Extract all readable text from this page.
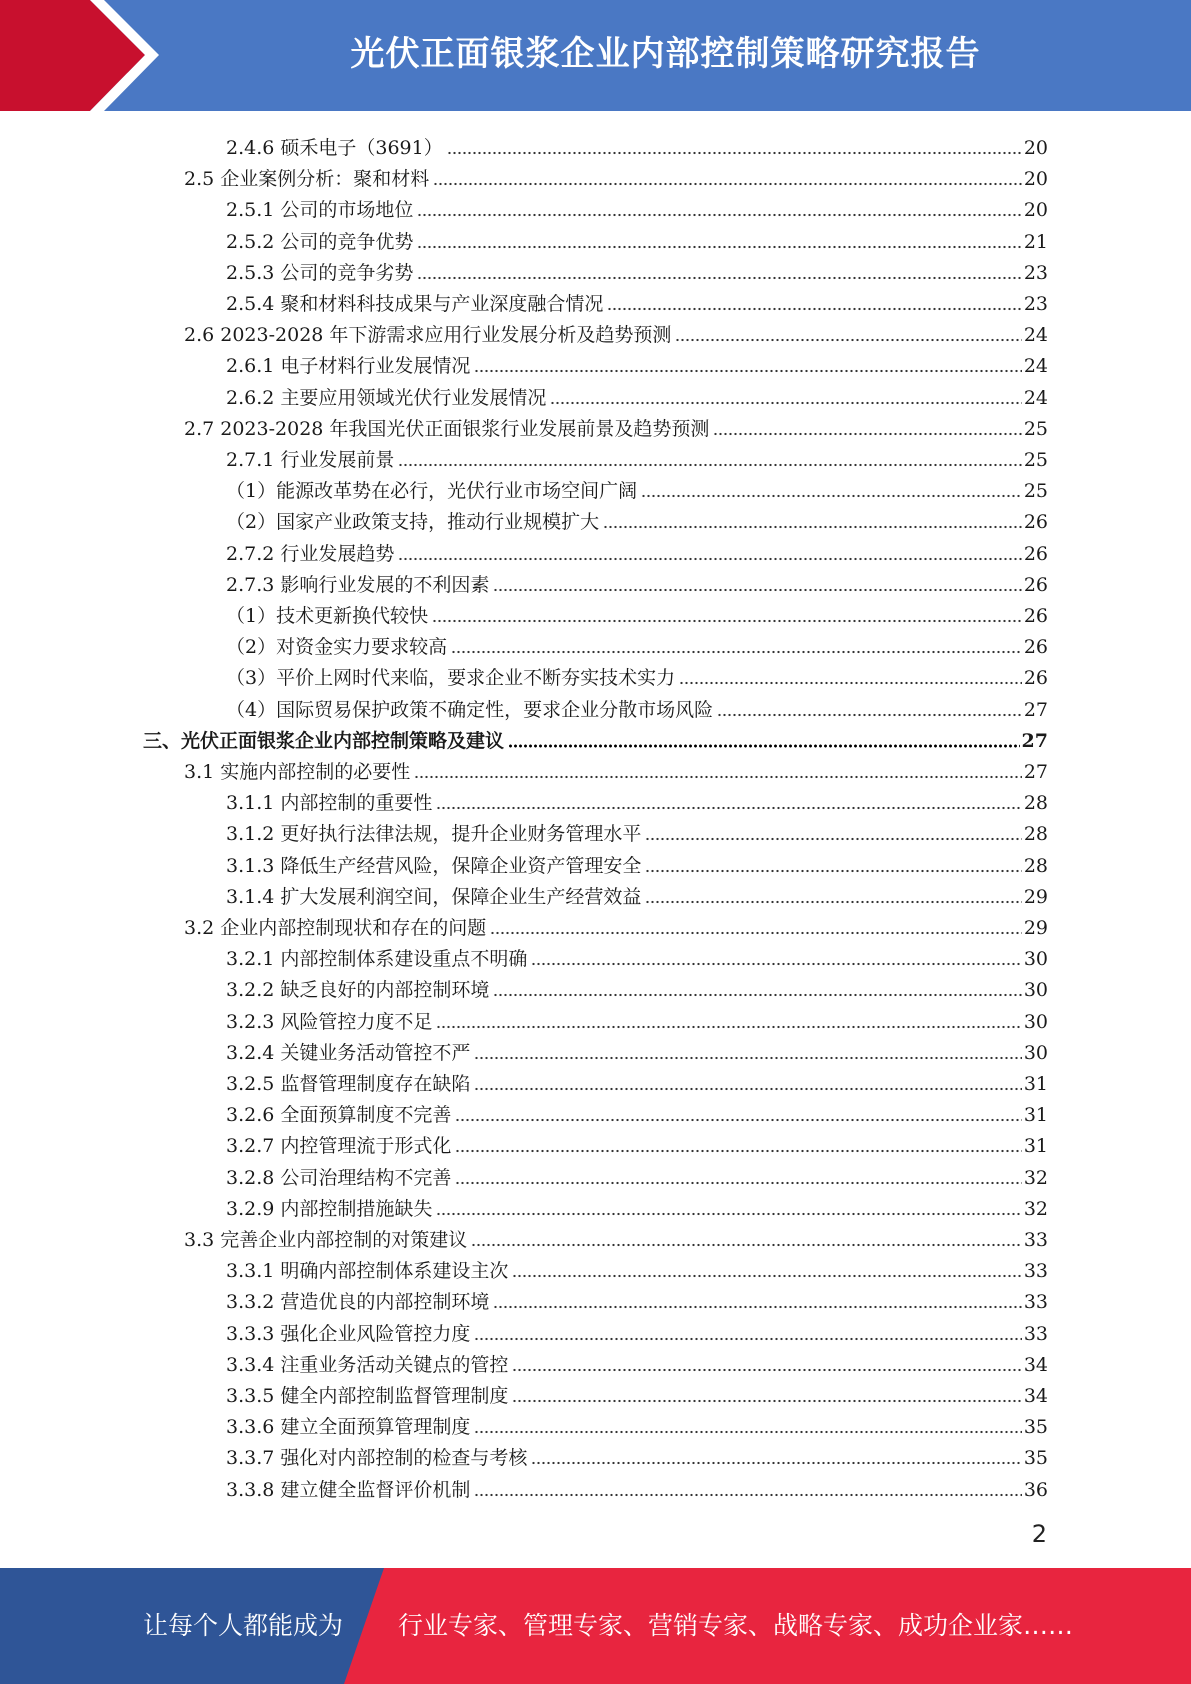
光伏正面银浆企业内部控制策略研究报告
2.4.6 硕禾电子（3691）	20
2.5 企业案例分析：聚和材料	20
2.5.1 公司的市场地位	20
2.5.2 公司的竞争优势	21
2.5.3 公司的竞争劣势	23
2.5.4 聚和材料科技成果与产业深度融合情况	23
2.6 2023-2028 年下游需求应用行业发展分析及趋势预测	24
2.6.1 电子材料行业发展情况	24
2.6.2 主要应用领域光伏行业发展情况	24
2.7 2023-2028 年我国光伏正面银浆行业发展前景及趋势预测	25
2.7.1 行业发展前景	25
（1）能源改革势在必行，光伏行业市场空间广阔	25
（2）国家产业政策支持，推动行业规模扩大	26
2.7.2 行业发展趋势	26
2.7.3 影响行业发展的不利因素	26
（1）技术更新换代较快	26
（2）对资金实力要求较高	26
（3）平价上网时代来临，要求企业不断夯实技术实力	26
（4）国际贸易保护政策不确定性，要求企业分散市场风险	27
三、光伏正面银浆企业内部控制策略及建议	27
3.1 实施内部控制的必要性	27
3.1.1 内部控制的重要性	28
3.1.2 更好执行法律法规，提升企业财务管理水平	28
3.1.3 降低生产经营风险，保障企业资产管理安全	28
3.1.4 扩大发展利润空间，保障企业生产经营效益	29
3.2 企业内部控制现状和存在的问题	29
3.2.1 内部控制体系建设重点不明确	30
3.2.2 缺乏良好的内部控制环境	30
3.2.3 风险管控力度不足	30
3.2.4 关键业务活动管控不严	30
3.2.5 监督管理制度存在缺陷	31
3.2.6 全面预算制度不完善	31
3.2.7 内控管理流于形式化	31
3.2.8 公司治理结构不完善	32
3.2.9 内部控制措施缺失	32
3.3 完善企业内部控制的对策建议	33
3.3.1 明确内部控制体系建设主次	33
3.3.2 营造优良的内部控制环境	33
3.3.3 强化企业风险管控力度	33
3.3.4 注重业务活动关键点的管控	34
3.3.5 健全内部控制监督管理制度	34
3.3.6 建立全面预算管理制度	35
3.3.7 强化对内部控制的检查与考核	35
3.3.8 建立健全监督评价机制	36
2
让每个人都能成为 行业专家、管理专家、营销专家、战略专家、成功企业家……
